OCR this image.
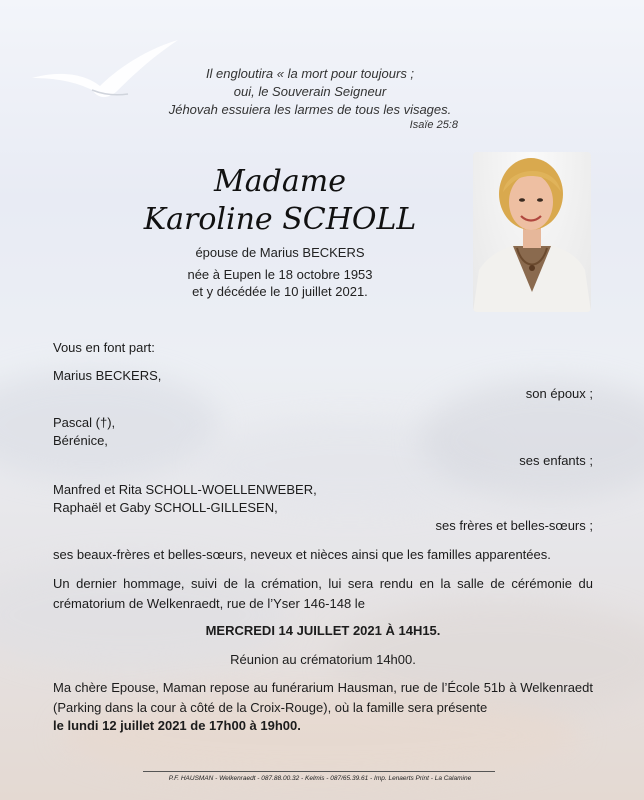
Il engloutira « la mort pour toujours ;
oui, le Souverain Seigneur
Jéhovah essuiera les larmes de tous les visages.
Isaïe 25:8
Madame
Karoline SCHOLL
épouse de Marius BECKERS
née à Eupen le 18 octobre 1953
et y décédée le 10 juillet 2021.
Vous en font part:
Marius BECKERS,
son époux ;
Pascal (†),
Bérénice,
ses enfants ;
Manfred et Rita SCHOLL-WOELLENWEBER,
Raphaël et Gaby SCHOLL-GILLESEN,
ses frères et belles-sœurs ;
ses beaux-frères et belles-sœurs, neveux et nièces ainsi que les familles apparentées.
Un dernier hommage, suivi de la crémation, lui sera rendu en la salle de cérémonie du crématorium de Welkenraedt, rue de l’Yser 146-148 le
MERCREDI 14 JUILLET 2021 À 14H15.
Réunion au crématorium 14h00.
Ma chère Epouse, Maman repose au funérarium Hausman, rue de l’École 51b à Welkenraedt (Parking dans la cour à côté de la Croix-Rouge), où la famille sera présente
le lundi 12 juillet 2021 de 17h00 à 19h00.
P.F. HAUSMAN - Welkenraedt - 087.88.00.32 - Kelmis - 087/65.39.61 - Imp. Lenaerts Print - La Calamine
